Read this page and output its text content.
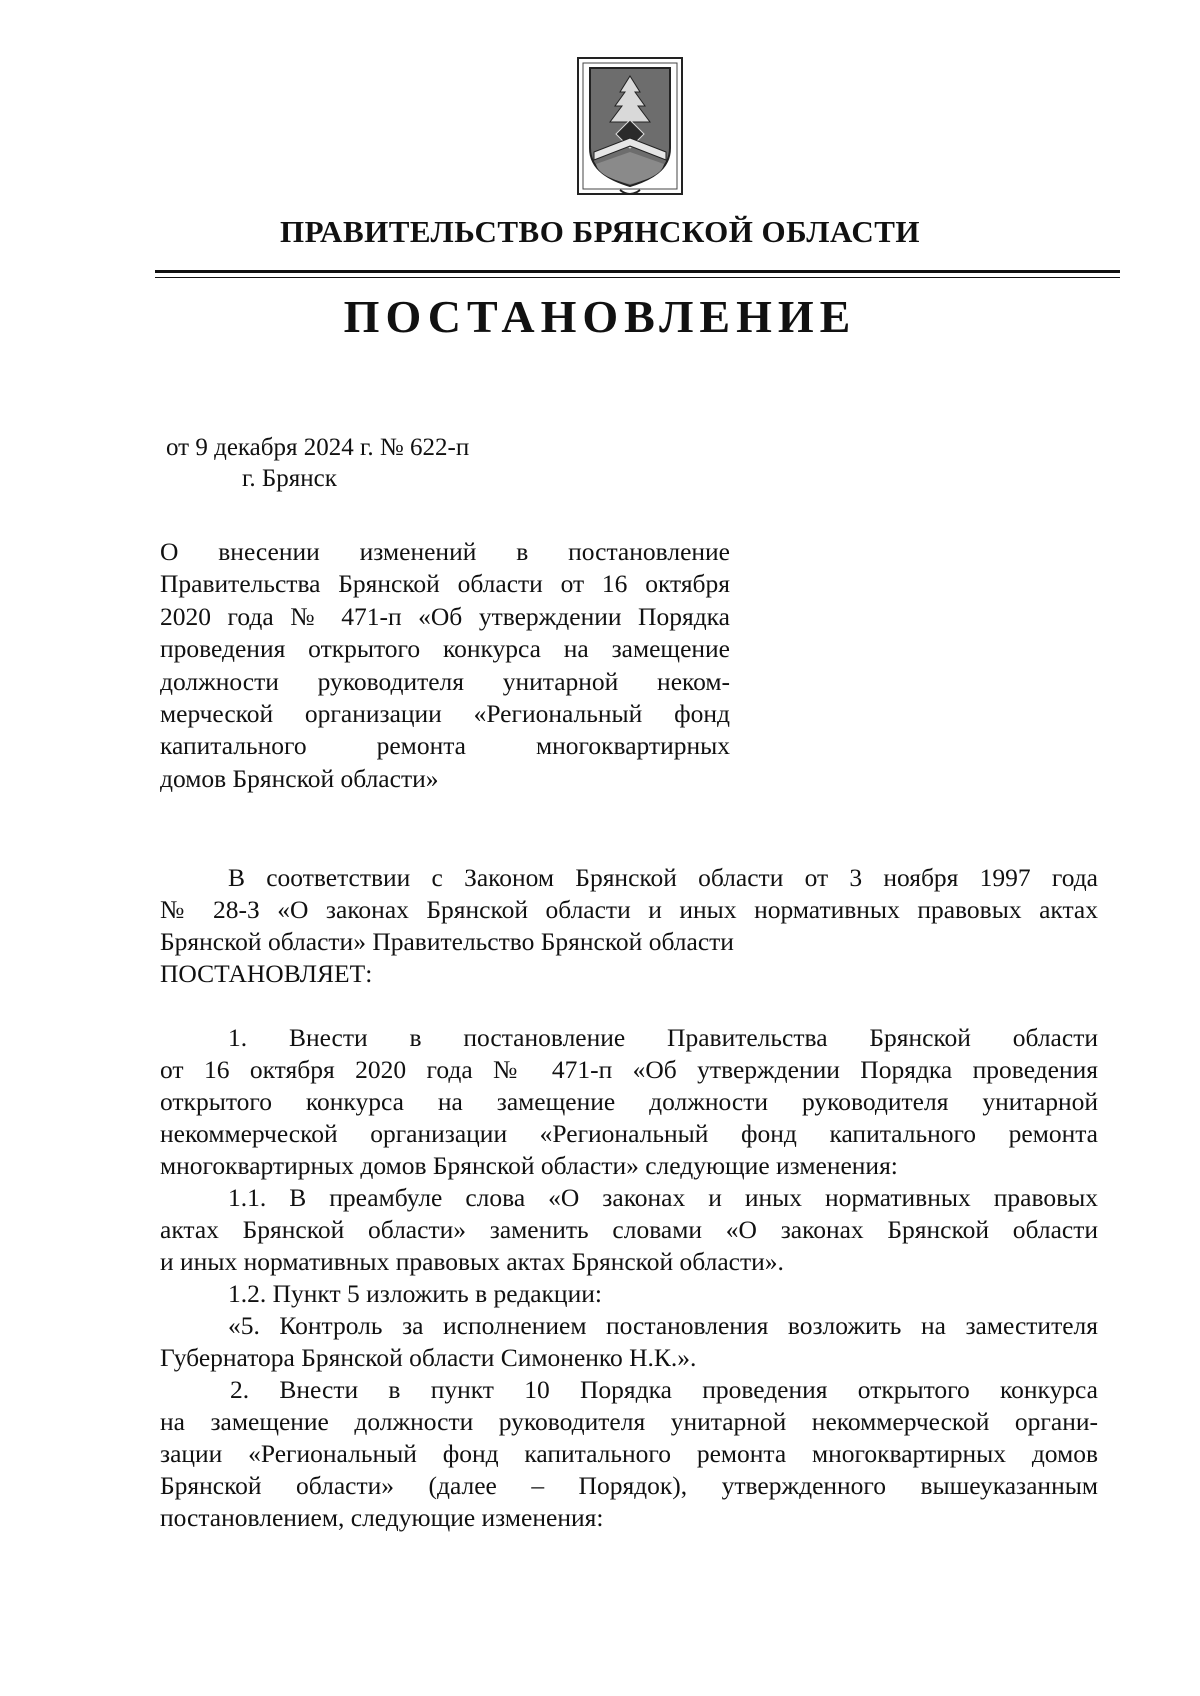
ПРАВИТЕЛЬСТВО БРЯНСКОЙ ОБЛАСТИ
ПОСТАНОВЛЕНИЕ
от 9 декабря 2024 г. № 622-п
г. Брянск
О внесении изменений в постановление
Правительства Брянской области от 16 октября
2020 года № 471-п «Об утверждении Порядка
проведения открытого конкурса на замещение
должности руководителя унитарной неком-
мерческой организации «Региональный фонд
капитального ремонта многоквартирных
домов Брянской области»
В соответствии с Законом Брянской области от 3 ноября 1997 года
№ 28-З «О законах Брянской области и иных нормативных правовых актах
Брянской области» Правительство Брянской области
ПОСТАНОВЛЯЕТ:
1. Внести в постановление Правительства Брянской области
от 16 октября 2020 года № 471-п «Об утверждении Порядка проведения
открытого конкурса на замещение должности руководителя унитарной
некоммерческой организации «Региональный фонд капитального ремонта
многоквартирных домов Брянской области» следующие изменения:
1.1. В преамбуле слова «О законах и иных нормативных правовых
актах Брянской области» заменить словами «О законах Брянской области
и иных нормативных правовых актах Брянской области».
1.2. Пункт 5 изложить в редакции:
«5. Контроль за исполнением постановления возложить на заместителя
Губернатора Брянской области Симоненко Н.К.».
2. Внести в пункт 10 Порядка проведения открытого конкурса
на замещение должности руководителя унитарной некоммерческой органи-
зации «Региональный фонд капитального ремонта многоквартирных домов
Брянской области» (далее – Порядок), утвержденного вышеуказанным
постановлением, следующие изменения:
